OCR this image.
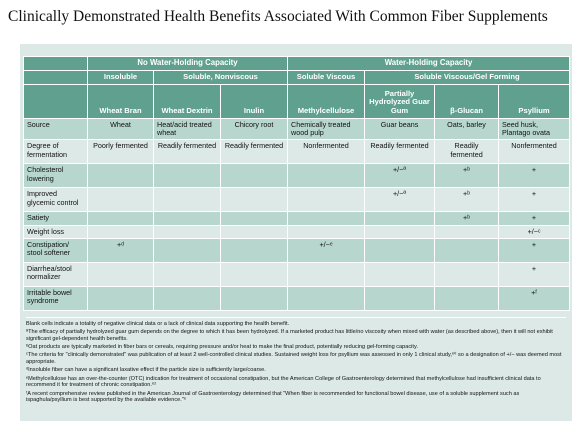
Clinically Demonstrated Health Benefits Associated With Common Fiber Supplements
	No Water-Holding Capacity			Water-Holding Capacity			
	Insoluble	Soluble, Nonviscous		Soluble Viscous	Soluble Viscous/Gel Forming		
	Wheat Bran	Wheat Dextrin	Inulin	Methylcellulose	Partially Hydrolyzed Guar Gum	β-Glucan	Psyllium
Source	Wheat	Heat/acid treated wheat	Chicory root	Chemically treated wood pulp	Guar beans	Oats, barley	Seed husk, Plantago ovata
Degree of fermentation	Poorly fermented	Readily fermented	Readily fermented	Nonfermented	Readily fermented	Readily fermented	Nonfermented
Cholesterol lowering					+/−ª	+ᵇ	+
Improved glycemic control					+/−ª	+ᵇ	+
Satiety						+ᵇ	+
Weight loss							+/−ᶜ
Constipation/ stool softener	+ᵈ			+/−ᵉ			+
Diarrhea/stool normalizer							+
Irritable bowel syndrome							+ᶠ

Blank cells indicate a totality of negative clinical data or a lack of clinical data supporting the health benefit.

ªThe efficacy of partially hydrolyzed guar gum depends on the degree to which it has been hydrolyzed. If a marketed product has little/no viscosity when mixed with water (as described above), then it will not exhibit significant gel-dependent health benefits.

ᵇOat products are typically marketed in fiber bars or cereals, requiring pressure and/or heat to make the final product, potentially reducing gel-forming capacity.

ᶜThe criteria for "clinically demonstrated" was publication of at least 2 well-controlled clinical studies. Sustained weight loss for psyllium was assessed in only 1 clinical study,⁶⁰ so a designation of +/− was deemed most appropriate.

ᵈInsoluble fiber can have a significant laxative effect if the particle size is sufficiently large/coarse.

ᵉMethylcellulose has an over-the-counter (OTC) indication for treatment of occasional constipation, but the American College of Gastroenterology determined that methylcellulose had insufficient clinical data to recommend it for treatment of chronic constipation.⁶²

ᶠA recent comprehensive review published in the American Journal of Gastroenterology determined that "When fiber is recommended for functional bowel disease, use of a soluble supplement such as ispaghula/psyllium is best supported by the available evidence."⁶
